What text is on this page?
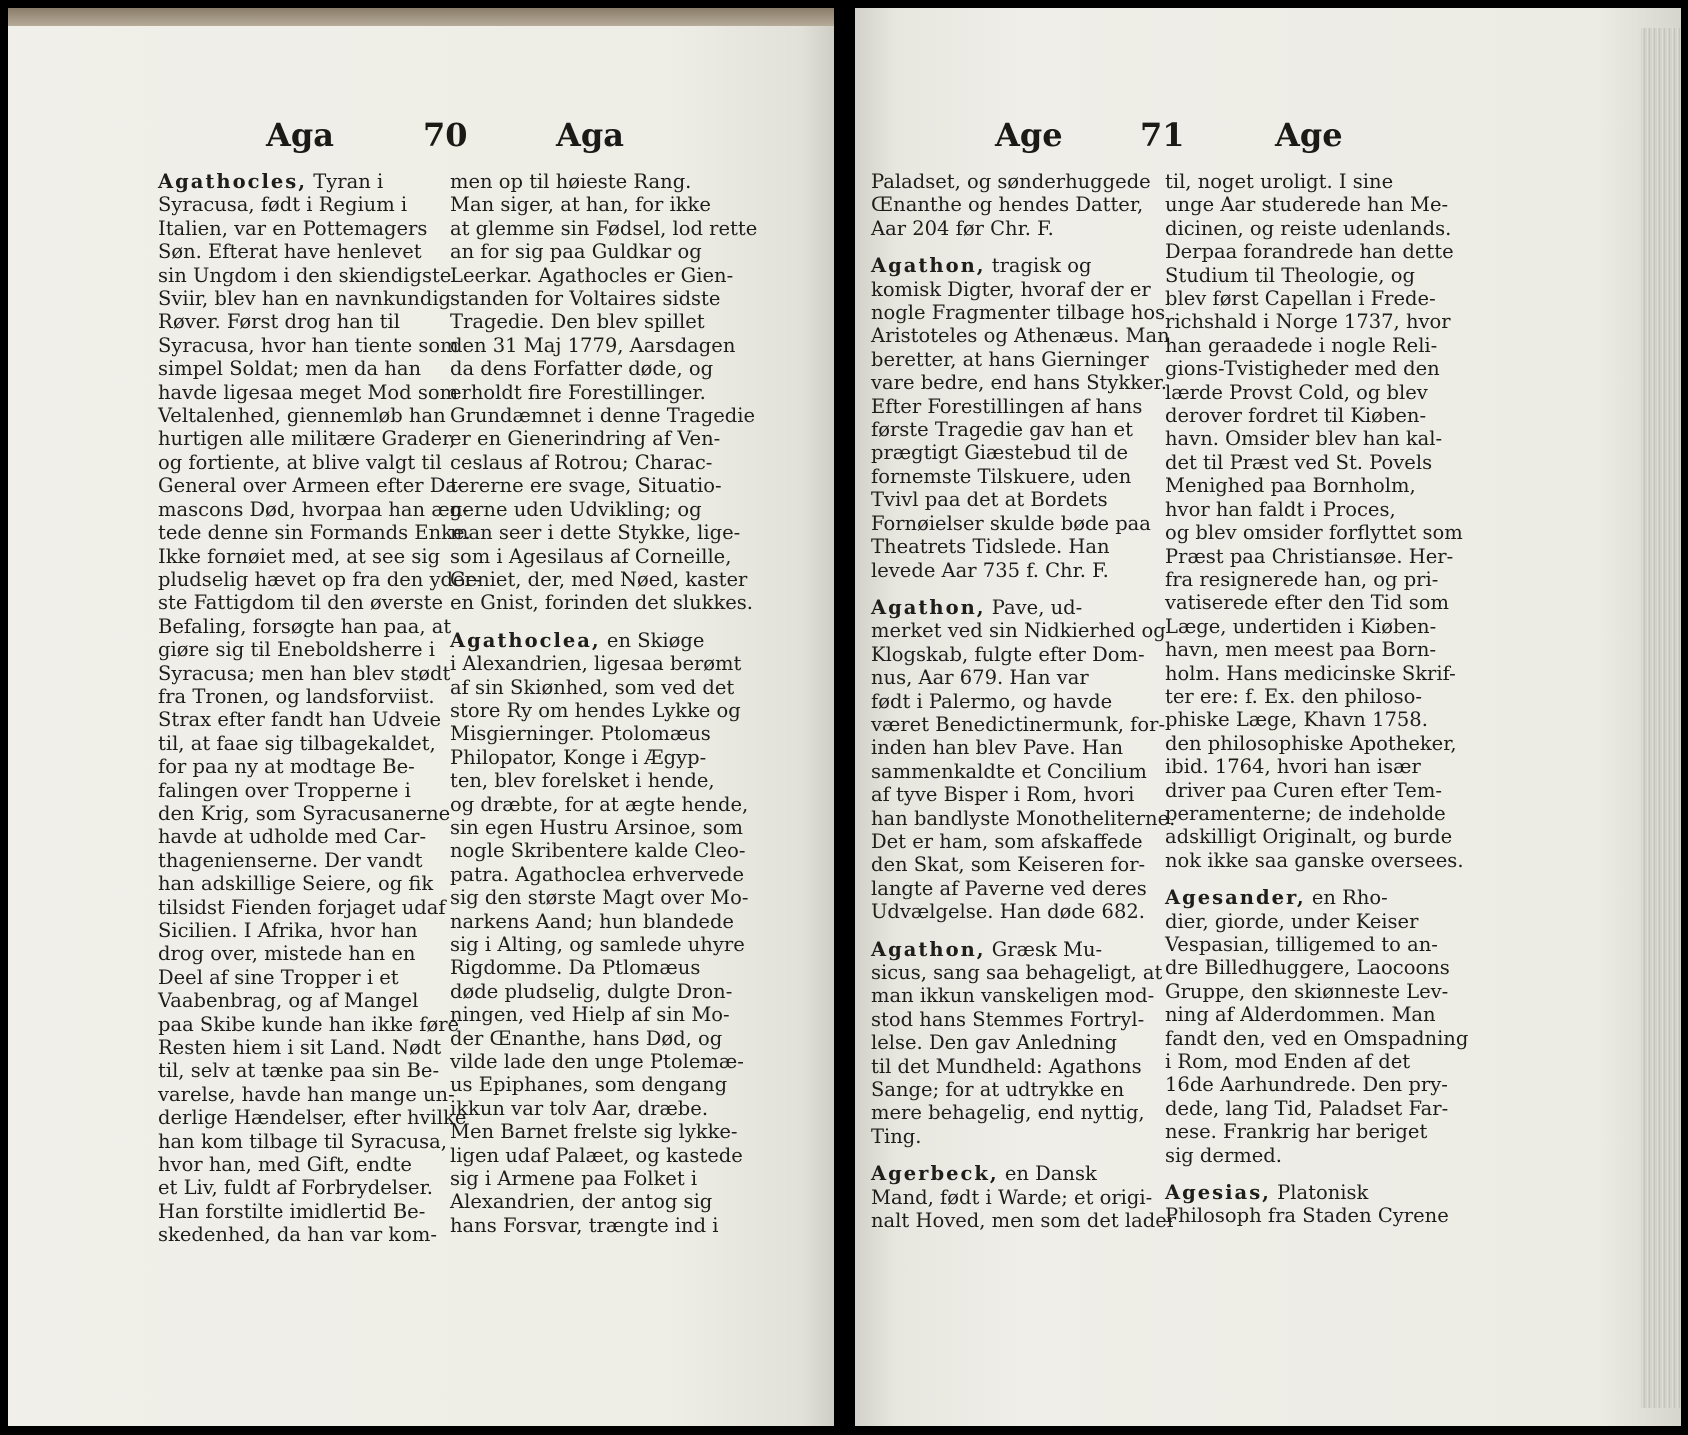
Aga	70	Aga

Agathocles, Tyran i

Syracusa, født i Regium i

Italien, var en Pottemagers

Søn. Efterat have henlevet

sin Ungdom i den skiendigste

Sviir, blev han en navnkundig

Røver. Først drog han til

Syracusa, hvor han tiente som

simpel Soldat; men da han

havde ligesaa meget Mod som

Veltalenhed, giennemløb han

hurtigen alle militære Grader,

og fortiente, at blive valgt til

General over Armeen efter Da-

mascons Død, hvorpaa han æg-

tede denne sin Formands Enke.

Ikke fornøiet med, at see sig

pludselig hævet op fra den yder-

ste Fattigdom til den øverste

Befaling, forsøgte han paa, at

giøre sig til Eneboldsherre i

Syracusa; men han blev stødt

fra Tronen, og landsforviist.

Strax efter fandt han Udveie

til, at faae sig tilbagekaldet,

for paa ny at modtage Be-

falingen over Tropperne i

den Krig, som Syracusanerne

havde at udholde med Car-

thagenienserne. Der vandt

han adskillige Seiere, og fik

tilsidst Fienden forjaget udaf

Sicilien. I Afrika, hvor han

drog over, mistede han en

Deel af sine Tropper i et

Vaabenbrag, og af Mangel

paa Skibe kunde han ikke føre

Resten hiem i sit Land. Nødt

til, selv at tænke paa sin Be-

varelse, havde han mange un-

derlige Hændelser, efter hvilke

han kom tilbage til Syracusa,

hvor han, med Gift, endte

et Liv, fuldt af Forbrydelser.

Han forstilte imidlertid Be-

skedenhed, da han var kom-

men op til høieste Rang.

Man siger, at han, for ikke

at glemme sin Fødsel, lod rette

an for sig paa Guldkar og

Leerkar. Agathocles er Gien-

standen for Voltaires sidste

Tragedie. Den blev spillet

den 31 Maj 1779, Aarsdagen

da dens Forfatter døde, og

erholdt fire Forestillinger.

Grundæmnet i denne Tragedie

er en Gienerindring af Ven-

ceslaus af Rotrou; Charac-

tererne ere svage, Situatio-

nerne uden Udvikling; og

man seer i dette Stykke, lige-

som i Agesilaus af Corneille,

Geniet, der, med Nøed, kaster

en Gnist, forinden det slukkes.

Agathoclea, en Skiøge

i Alexandrien, ligesaa berømt

af sin Skiønhed, som ved det

store Ry om hendes Lykke og

Misgierninger. Ptolomæus

Philopator, Konge i Ægyp-

ten, blev forelsket i hende,

og dræbte, for at ægte hende,

sin egen Hustru Arsinoe, som

nogle Skribentere kalde Cleo-

patra. Agathoclea erhvervede

sig den største Magt over Mo-

narkens Aand; hun blandede

sig i Alting, og samlede uhyre

Rigdomme. Da Ptlomæus

døde pludselig, dulgte Dron-

ningen, ved Hielp af sin Mo-

der Œnanthe, hans Død, og

vilde lade den unge Ptolemæ-

us Epiphanes, som dengang

ikkun var tolv Aar, dræbe.

Men Barnet frelste sig lykke-

ligen udaf Palæet, og kastede

sig i Armene paa Folket i

Alexandrien, der antog sig

hans Forsvar, trængte ind i

Age 71	Age

Paladset, og sønderhuggede

Œnanthe og hendes Datter,

Aar 204 før Chr. F.

Agathon, tragisk og

komisk Digter, hvoraf der er

nogle Fragmenter tilbage hos

Aristoteles og Athenæus. Man

beretter, at hans Gierninger

vare bedre, end hans Stykker.

Efter Forestillingen af hans

første Tragedie gav han et

prægtigt Giæstebud til de

fornemste Tilskuere, uden

Tvivl paa det at Bordets

Fornøielser skulde bøde paa

Theatrets Tidslede. Han

levede Aar 735 f. Chr. F.

Agathon, Pave, ud-

merket ved sin Nidkierhed og

Klogskab, fulgte efter Dom-

nus, Aar 679. Han var

født i Palermo, og havde

været Benedictinermunk, for-

inden han blev Pave. Han

sammenkaldte et Concilium

af tyve Bisper i Rom, hvori

han bandlyste Monotheliterne.

Det er ham, som afskaffede

den Skat, som Keiseren for-

langte af Paverne ved deres

Udvælgelse. Han døde 682.

Agathon, Græsk Mu-

sicus, sang saa behageligt, at

man ikkun vanskeligen mod-

stod hans Stemmes Fortryl-

lelse. Den gav Anledning

til det Mundheld: Agathons

Sange; for at udtrykke en

mere behagelig, end nyttig,

Ting.

Agerbeck, en Dansk

Mand, født i Warde; et origi-

nalt Hoved, men som det lader

til, noget uroligt. I sine

unge Aar studerede han Me-

dicinen, og reiste udenlands.

Derpaa forandrede han dette

Studium til Theologie, og

blev først Capellan i Frede-

richshald i Norge 1737, hvor

han geraadede i nogle Reli-

gions-Tvistigheder med den

lærde Provst Cold, og blev

derover fordret til Kiøben-

havn. Omsider blev han kal-

det til Præst ved St. Povels

Menighed paa Bornholm,

hvor han faldt i Proces,

og blev omsider forflyttet som

Præst paa Christiansøe. Her-

fra resignerede han, og pri-

vatiserede efter den Tid som

Læge, undertiden i Kiøben-

havn, men meest paa Born-

holm. Hans medicinske Skrif-

ter ere: f. Ex. den philoso-

phiske Læge, Khavn 1758.

den philosophiske Apotheker,

ibid. 1764, hvori han især

driver paa Curen efter Tem-

peramenterne; de indeholde

adskilligt Originalt, og burde

nok ikke saa ganske oversees.

Agesander, en Rho-

dier, giorde, under Keiser

Vespasian, tilligemed to an-

dre Billedhuggere, Laocoons

Gruppe, den skiønneste Lev-

ning af Alderdommen. Man

fandt den, ved en Omspadning

i Rom, mod Enden af det

16de Aarhundrede. Den pry-

dede, lang Tid, Paladset Far-

nese. Frankrig har beriget

sig dermed.

Agesias, Platonisk

Philosoph fra Staden Cyrene
